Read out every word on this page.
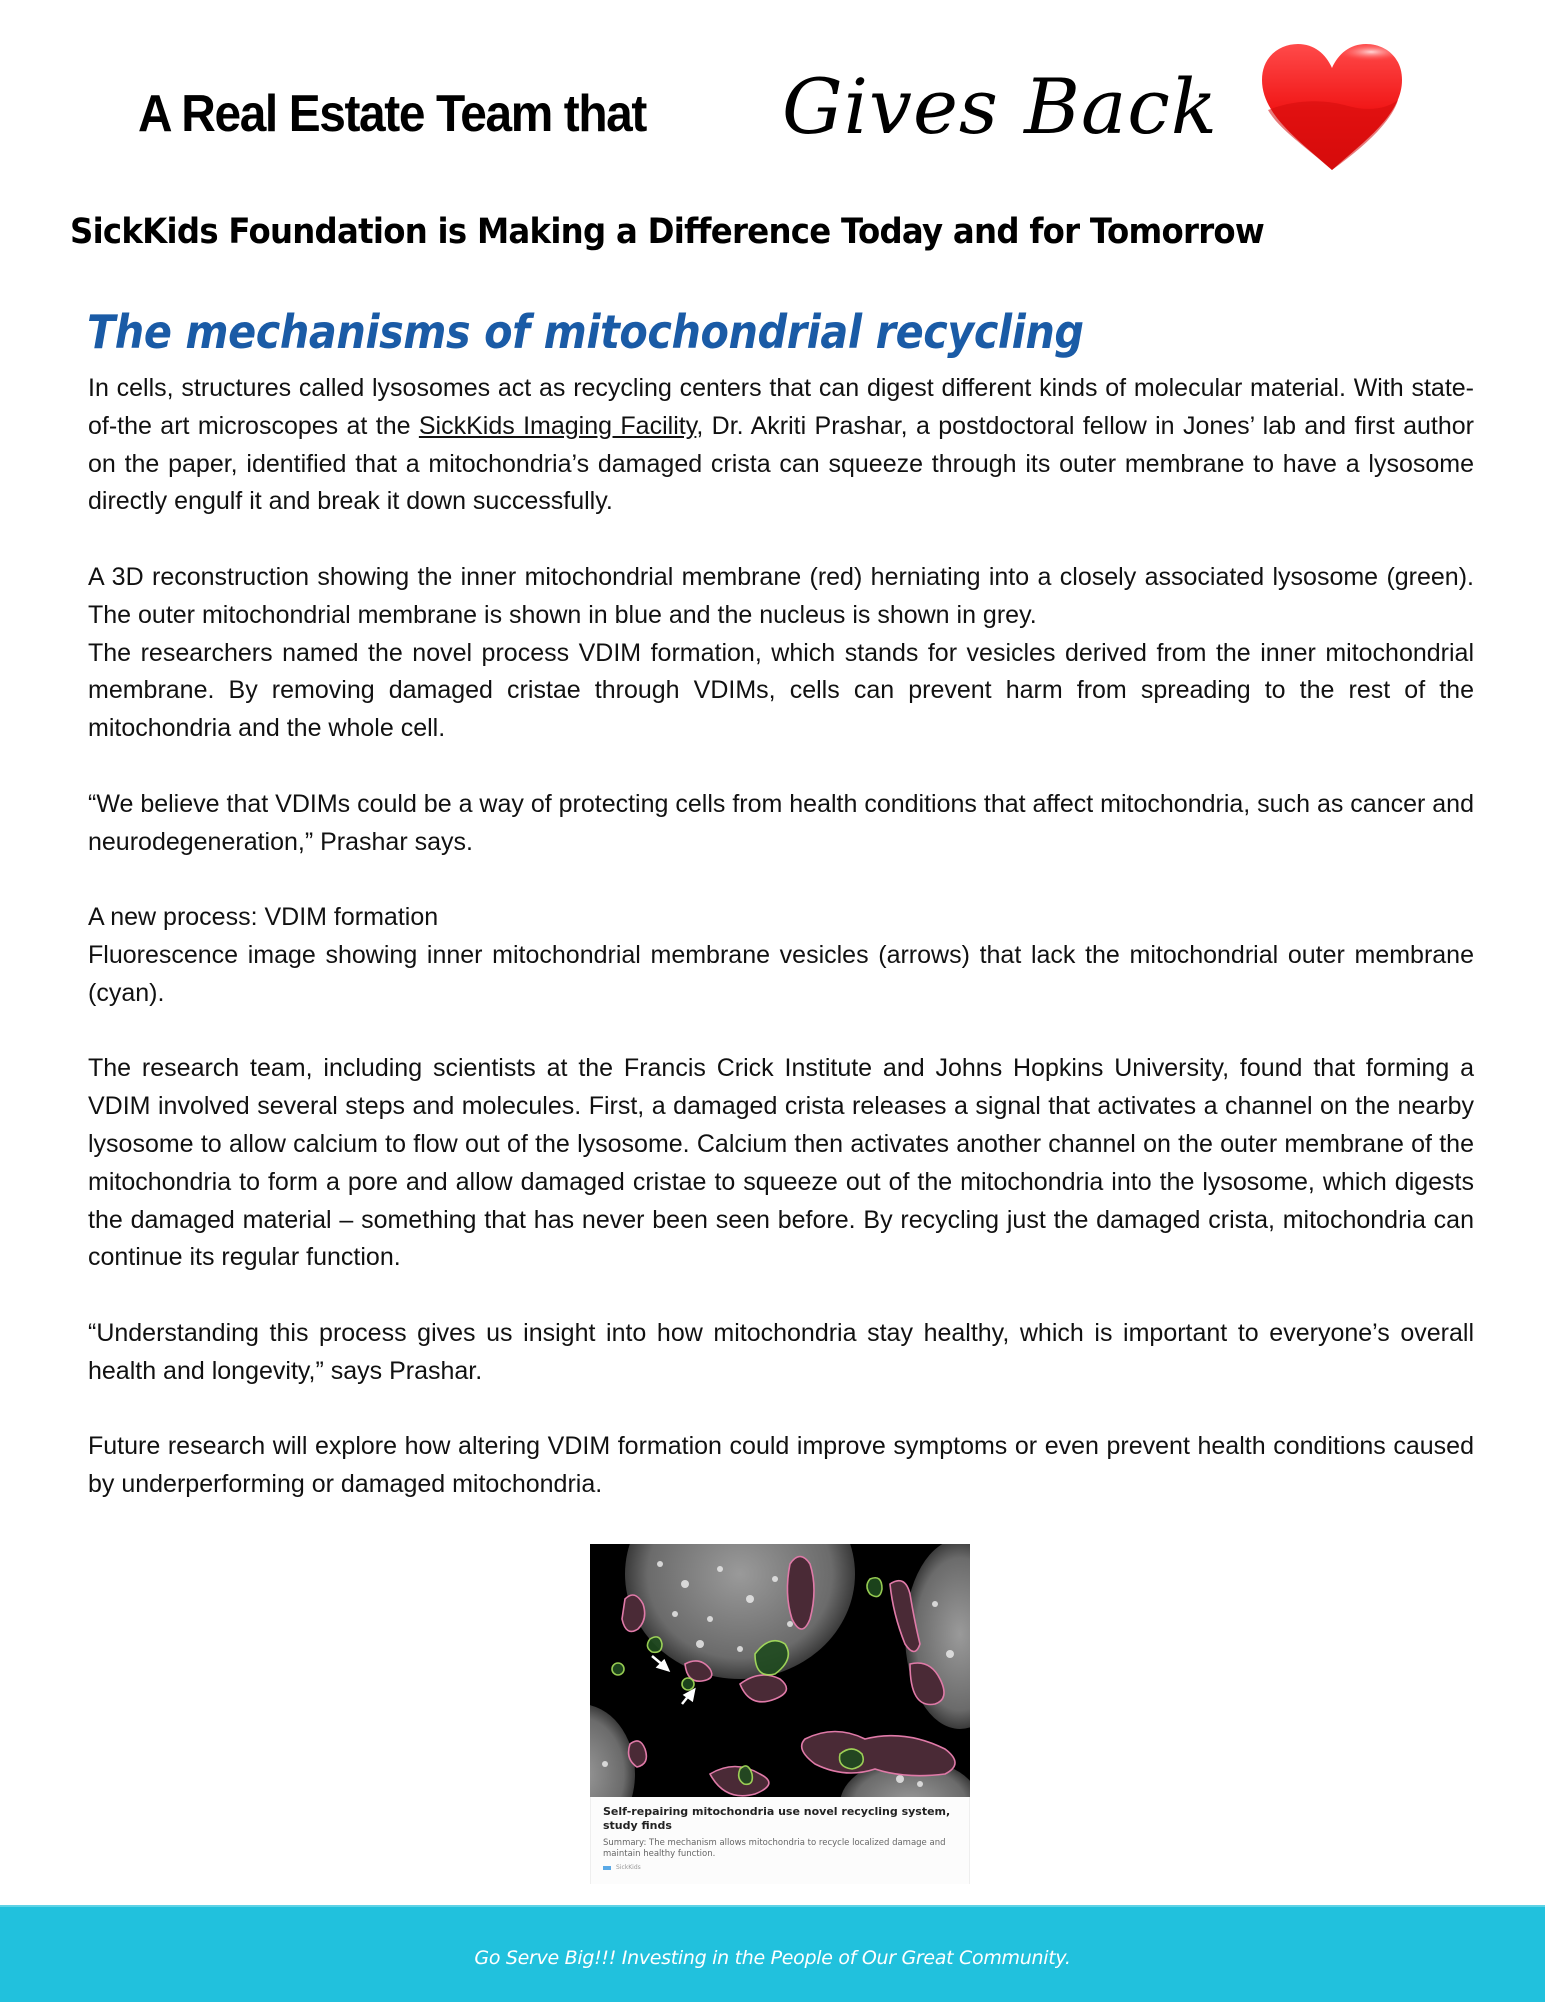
A Real Estate Team that Gives Back
SickKids Foundation is Making a Difference Today and for Tomorrow
The mechanisms of mitochondrial recycling

In cells, structures called lysosomes act as recycling centers that can digest different kinds of molecular material. With state-of-the art microscopes at the SickKids Imaging Facility, Dr. Akriti Prashar, a postdoctoral fellow in Jones’ lab and first author on the paper, identified that a mitochondria’s damaged crista can squeeze through its outer membrane to have a lysosome directly engulf it and break it down successfully.

A 3D reconstruction showing the inner mitochondrial membrane (red) herniating into a closely associated lysosome (green). The outer mitochondrial membrane is shown in blue and the nucleus is shown in grey.

The researchers named the novel process VDIM formation, which stands for vesicles derived from the inner mitochondrial membrane. By removing damaged cristae through VDIMs, cells can prevent harm from spreading to the rest of the mitochondria and the whole cell.

“We believe that VDIMs could be a way of protecting cells from health conditions that affect mitochondria, such as cancer and neurodegeneration,” Prashar says.

A new process: VDIM formation

Fluorescence image showing inner mitochondrial membrane vesicles (arrows) that lack the mitochondrial outer membrane (cyan).

The research team, including scientists at the Francis Crick Institute and Johns Hopkins University, found that forming a VDIM involved several steps and molecules. First, a damaged crista releases a signal that activates a channel on the nearby lysosome to allow calcium to flow out of the lysosome. Calcium then activates another channel on the outer membrane of the mitochondria to form a pore and allow damaged cristae to squeeze out of the mitochondria into the lysosome, which digests the damaged material – something that has never been seen before. By recycling just the damaged crista, mitochondria can continue its regular function.

“Understanding this process gives us insight into how mitochondria stay healthy, which is important to everyone’s overall health and longevity,” says Prashar.

Future research will explore how altering VDIM formation could improve symptoms or even prevent health conditions caused by underperforming or damaged mitochondria.

Self-repairing mitochondria use novel recycling system, study finds
Summary: The mechanism allows mitochondria to recycle localized damage and maintain healthy function.
SickKids
Go Serve Big!!! Investing in the People of Our Great Community.
